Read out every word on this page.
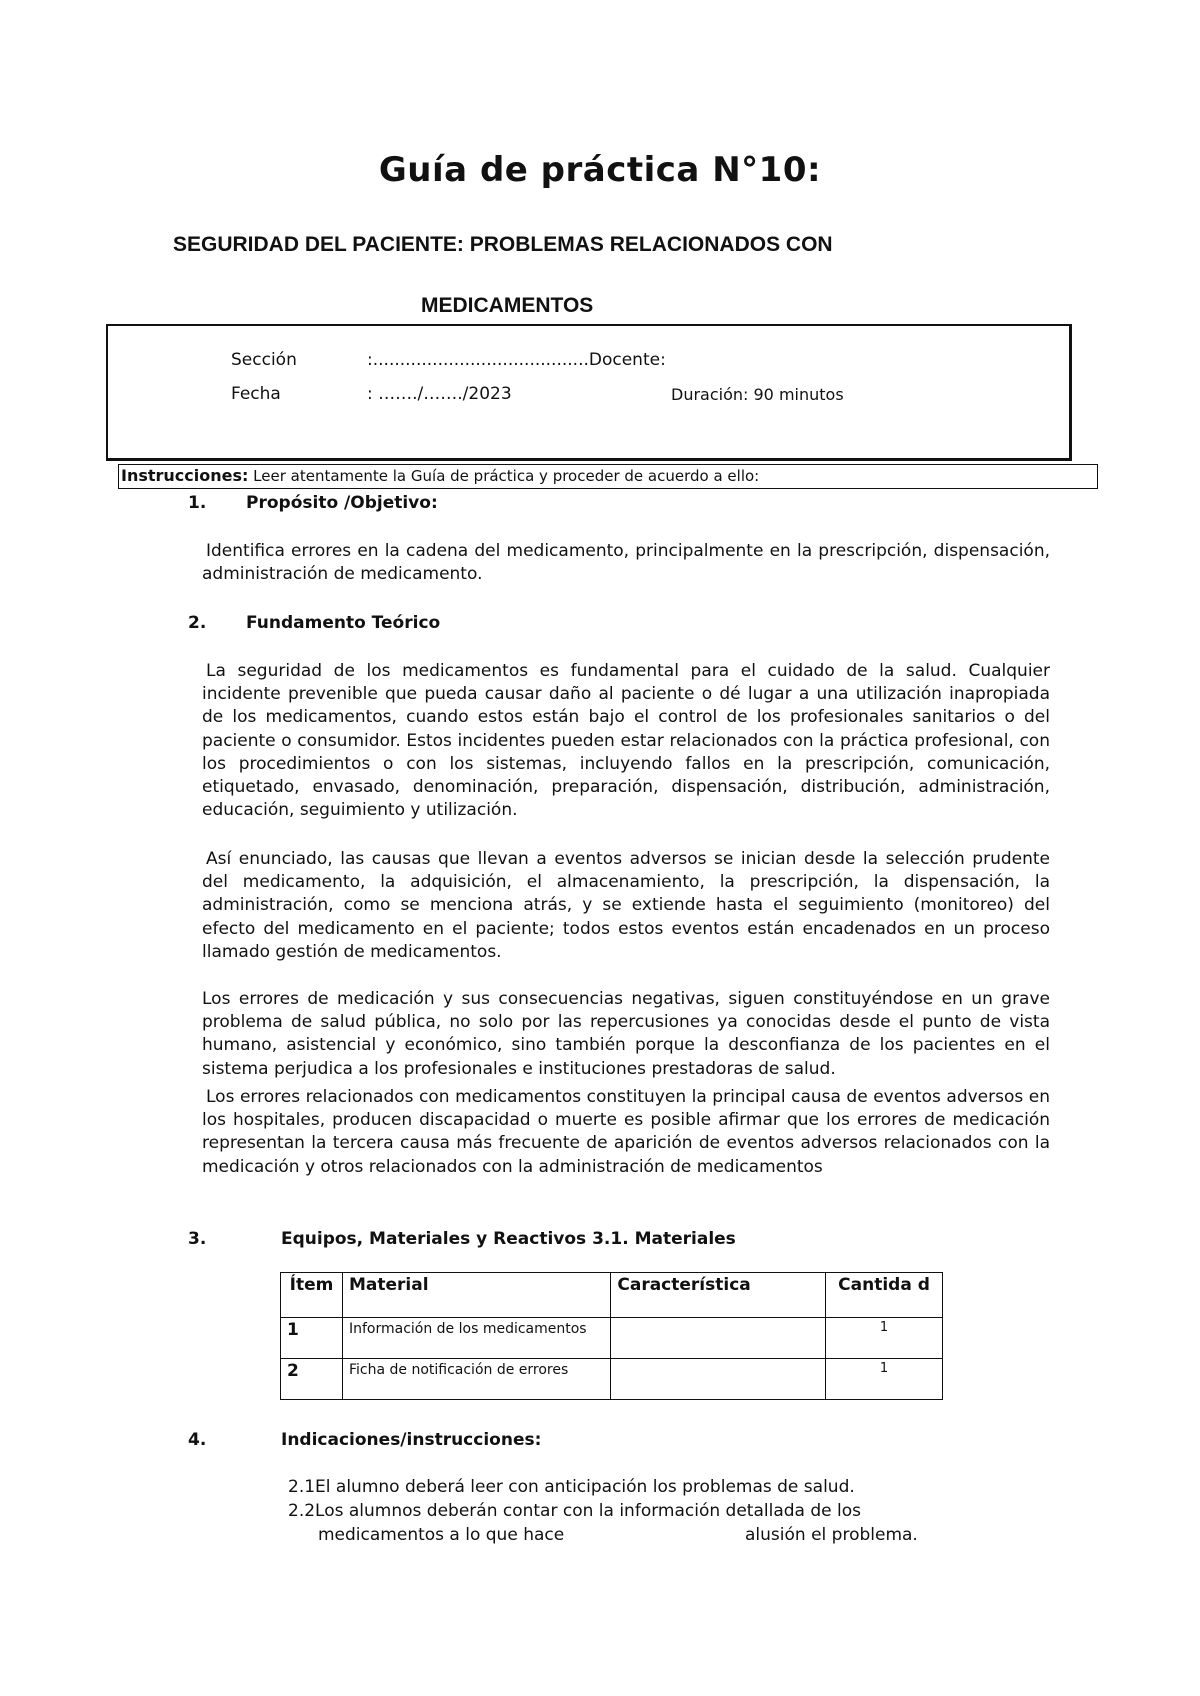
Guía de práctica N°10:
SEGURIDAD DEL PACIENTE: PROBLEMAS RELACIONADOS CON
MEDICAMENTOS
Sección	:........................................Docente:
Fecha	: ……./……./2023	Duración: 90 minutos
Instrucciones: Leer atentamente la Guía de práctica y proceder de acuerdo a ello:
1. Propósito /Objetivo:

Identifica errores en la cadena del medicamento, principalmente en la prescripción, dispensación, administración de medicamento.

2. Fundamento Teórico

La seguridad de los medicamentos es fundamental para el cuidado de la salud. Cualquier incidente prevenible que pueda causar daño al paciente o dé lugar a una utilización inapropiada de los medicamentos, cuando estos están bajo el control de los profesionales sanitarios o del paciente o consumidor. Estos incidentes pueden estar relacionados con la práctica profesional, con los procedimientos o con los sistemas, incluyendo fallos en la prescripción, comunicación, etiquetado, envasado, denominación, preparación, dispensación, distribución, administración, educación, seguimiento y utilización.

Así enunciado, las causas que llevan a eventos adversos se inician desde la selección prudente del medicamento, la adquisición, el almacenamiento, la prescripción, la dispensación, la administración, como se menciona atrás, y se extiende hasta el seguimiento (monitoreo) del efecto del medicamento en el paciente; todos estos eventos están encadenados en un proceso llamado gestión de medicamentos.

Los errores de medicación y sus consecuencias negativas, siguen constituyéndose en un grave problema de salud pública, no solo por las repercusiones ya conocidas desde el punto de vista humano, asistencial y económico, sino también porque la desconfianza de los pacientes en el sistema perjudica a los profesionales e instituciones prestadoras de salud.

Los errores relacionados con medicamentos constituyen la principal causa de eventos adversos en los hospitales, producen discapacidad o muerte es posible afirmar que los errores de medicación representan la tercera causa más frecuente de aparición de eventos adversos relacionados con la medicación y otros relacionados con la administración de medicamentos

3.	Equipos, Materiales y Reactivos 3.1. Materiales
Ítem	Material	Característica	Cantida d
1	Información de los medicamentos		1
2	Ficha de notificación de errores		1
4.	Indicaciones/instrucciones:
2.1El alumno deberá leer con anticipación los problemas de salud.
2.2Los alumnos deberán contar con la información detallada de los
medicamentos a lo que hace	alusión el problema.
